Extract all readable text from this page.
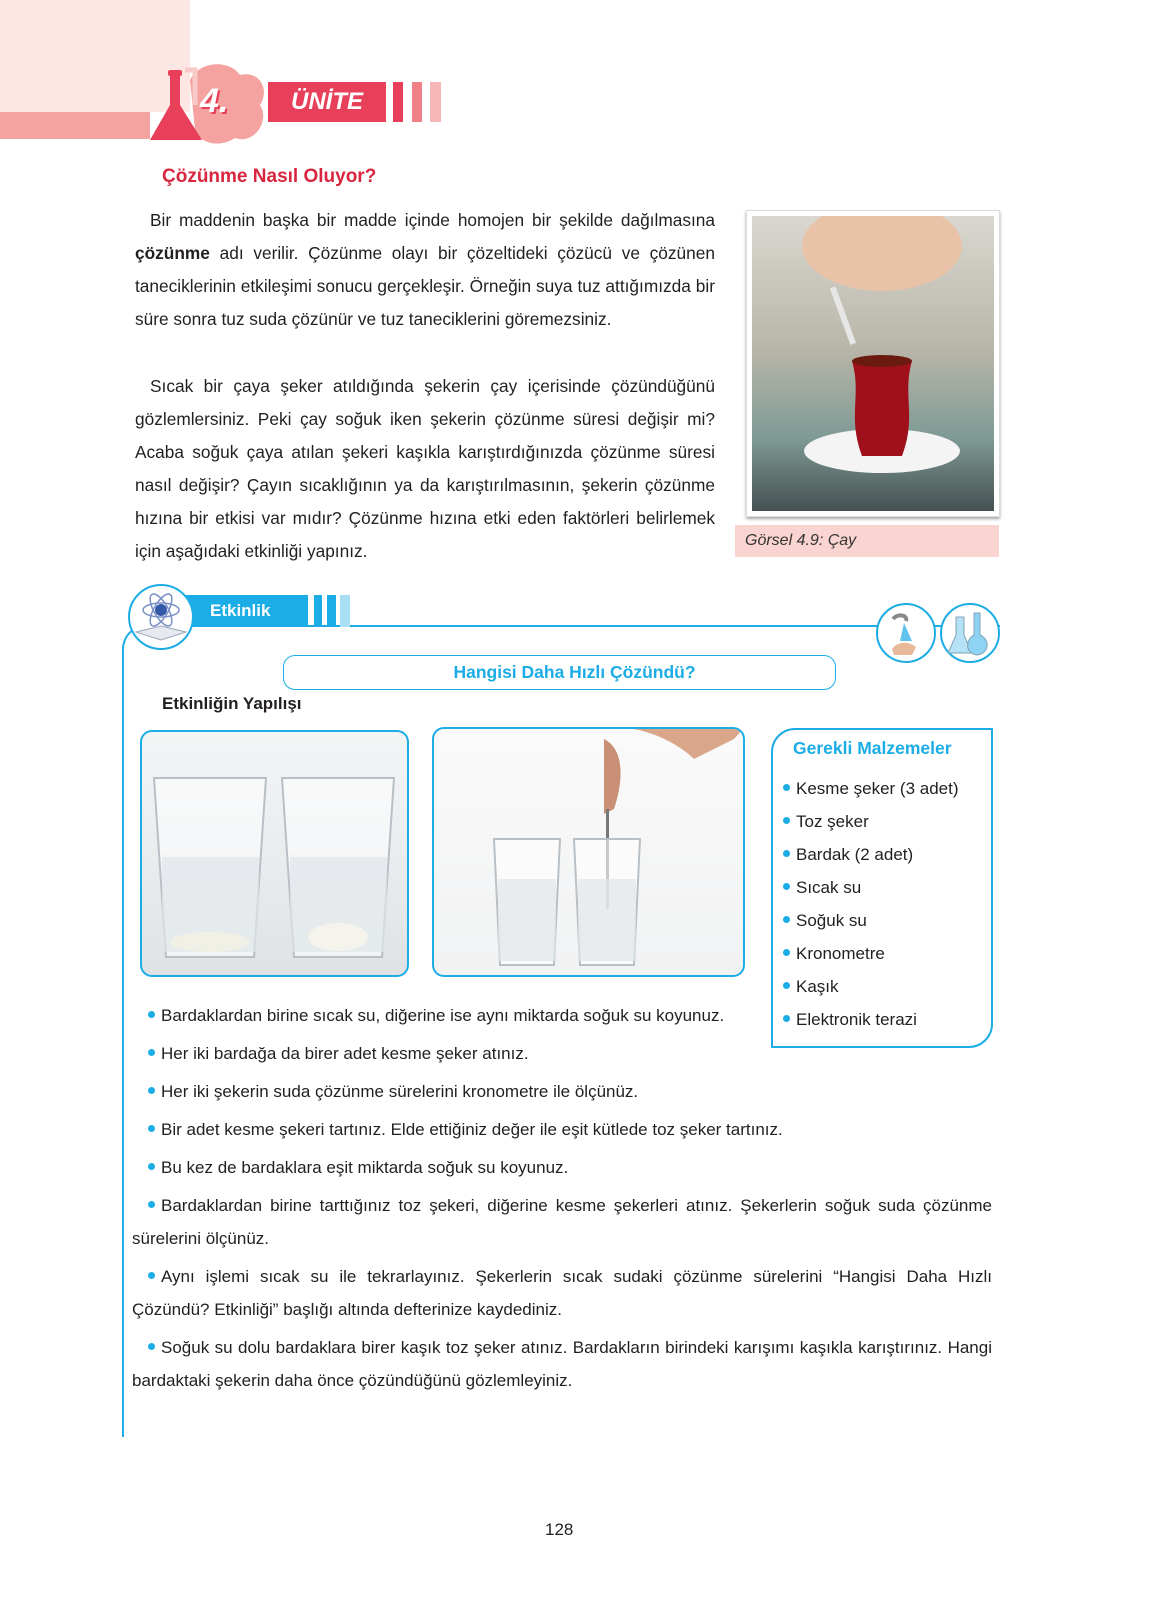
4.	ÜNİTE
Çözünme Nasıl Oluyor?

Bir maddenin başka bir madde içinde homojen bir şekilde dağılmasına çözünme adı verilir. Çözünme olayı bir çözeltideki çözücü ve çözünen taneciklerinin etkileşimi sonucu gerçekleşir. Örneğin suya tuz attığımızda bir süre sonra tuz suda çözünür ve tuz taneciklerini göremezsiniz.

Sıcak bir çaya şeker atıldığında şekerin çay içerisinde çözündüğünü gözlemlersiniz. Peki çay soğuk iken şekerin çözünme süresi değişir mi? Acaba soğuk çaya atılan şekeri kaşıkla karıştırdığınızda çözünme süresi nasıl değişir? Çayın sıcaklığının ya da karıştırılmasının, şekerin çözünme hızına bir etkisi var mıdır? Çözünme hızına etki eden faktörleri belirlemek için aşağıdaki etkinliği yapınız.

Görsel 4.9: Çay
Etkinlik
Hangisi Daha Hızlı Çözündü?
Etkinliğin Yapılışı
Gerekli Malzemeler
Kesme şeker (3 adet)
Toz şeker
Bardak (2 adet)
Sıcak su
Soğuk su
Kronometre
Kaşık
Elektronik terazi

Bardaklardan birine sıcak su, diğerine ise aynı miktarda soğuk su koyunuz.

Her iki bardağa da birer adet kesme şeker atınız.

Her iki şekerin suda çözünme sürelerini kronometre ile ölçünüz.

Bir adet kesme şekeri tartınız. Elde ettiğiniz değer ile eşit kütlede toz şeker tartınız.

Bu kez de bardaklara eşit miktarda soğuk su koyunuz.

Bardaklardan birine tarttığınız toz şekeri, diğerine kesme şekerleri atınız. Şekerlerin soğuk suda çözünme sürelerini ölçünüz.

Aynı işlemi sıcak su ile tekrarlayınız. Şekerlerin sıcak sudaki çözünme sürelerini “Hangisi Daha Hızlı Çözündü? Etkinliği” başlığı altında defterinize kaydediniz.

Soğuk su dolu bardaklara birer kaşık toz şeker atınız. Bardakların birindeki karışımı kaşıkla karıştırınız. Hangi bardaktaki şekerin daha önce çözündüğünü gözlemleyiniz.

128
